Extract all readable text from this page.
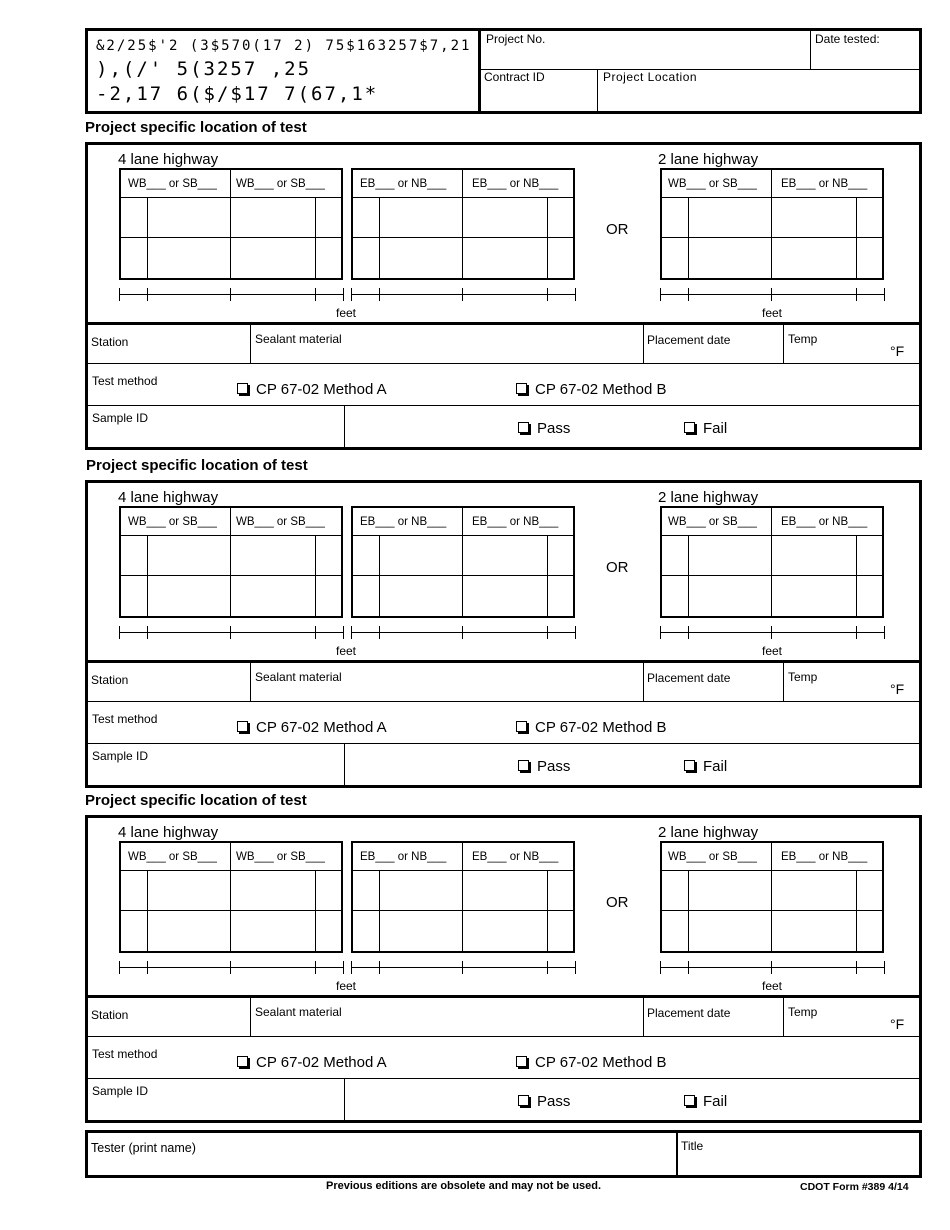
&2/25$'2 (3$570(17 2) 75$163257$7,21
),(/' 5(3257 ,25
-2,17 6($/$17 7(67,1*
Project No.	Date tested:
Contract ID	Project Location
Project specific location of test
4 lane highway	2 lane highway
WB___ or SB___ WB___ or SB___	EB___ or NB___ EB___ or NB___	WB___ or SB___ EB___ or NB___
OR
feet	feet
Station	Sealant material	Placement date	Temp
°F
Test method	CP 67-02 Method A	CP 67-02 Method B
Sample ID
Pass	Fail
Project specific location of test
4 lane highway	2 lane highway
WB___ or SB___ WB___ or SB___	EB___ or NB___ EB___ or NB___	WB___ or SB___ EB___ or NB___
OR
feet	feet
Station	Sealant material	Placement date	Temp
°F
Test method	CP 67-02 Method A	CP 67-02 Method B
Sample ID
Pass	Fail
Project specific location of test
4 lane highway	2 lane highway
WB___ or SB___ WB___ or SB___	EB___ or NB___ EB___ or NB___	WB___ or SB___ EB___ or NB___
OR
feet	feet
Station	Sealant material	Placement date	Temp
°F
Test method	CP 67-02 Method A	CP 67-02 Method B
Sample ID
Pass	Fail
Tester (print name)	Title
Previous editions are obsolete and may not be used.	CDOT Form #389 4/14
